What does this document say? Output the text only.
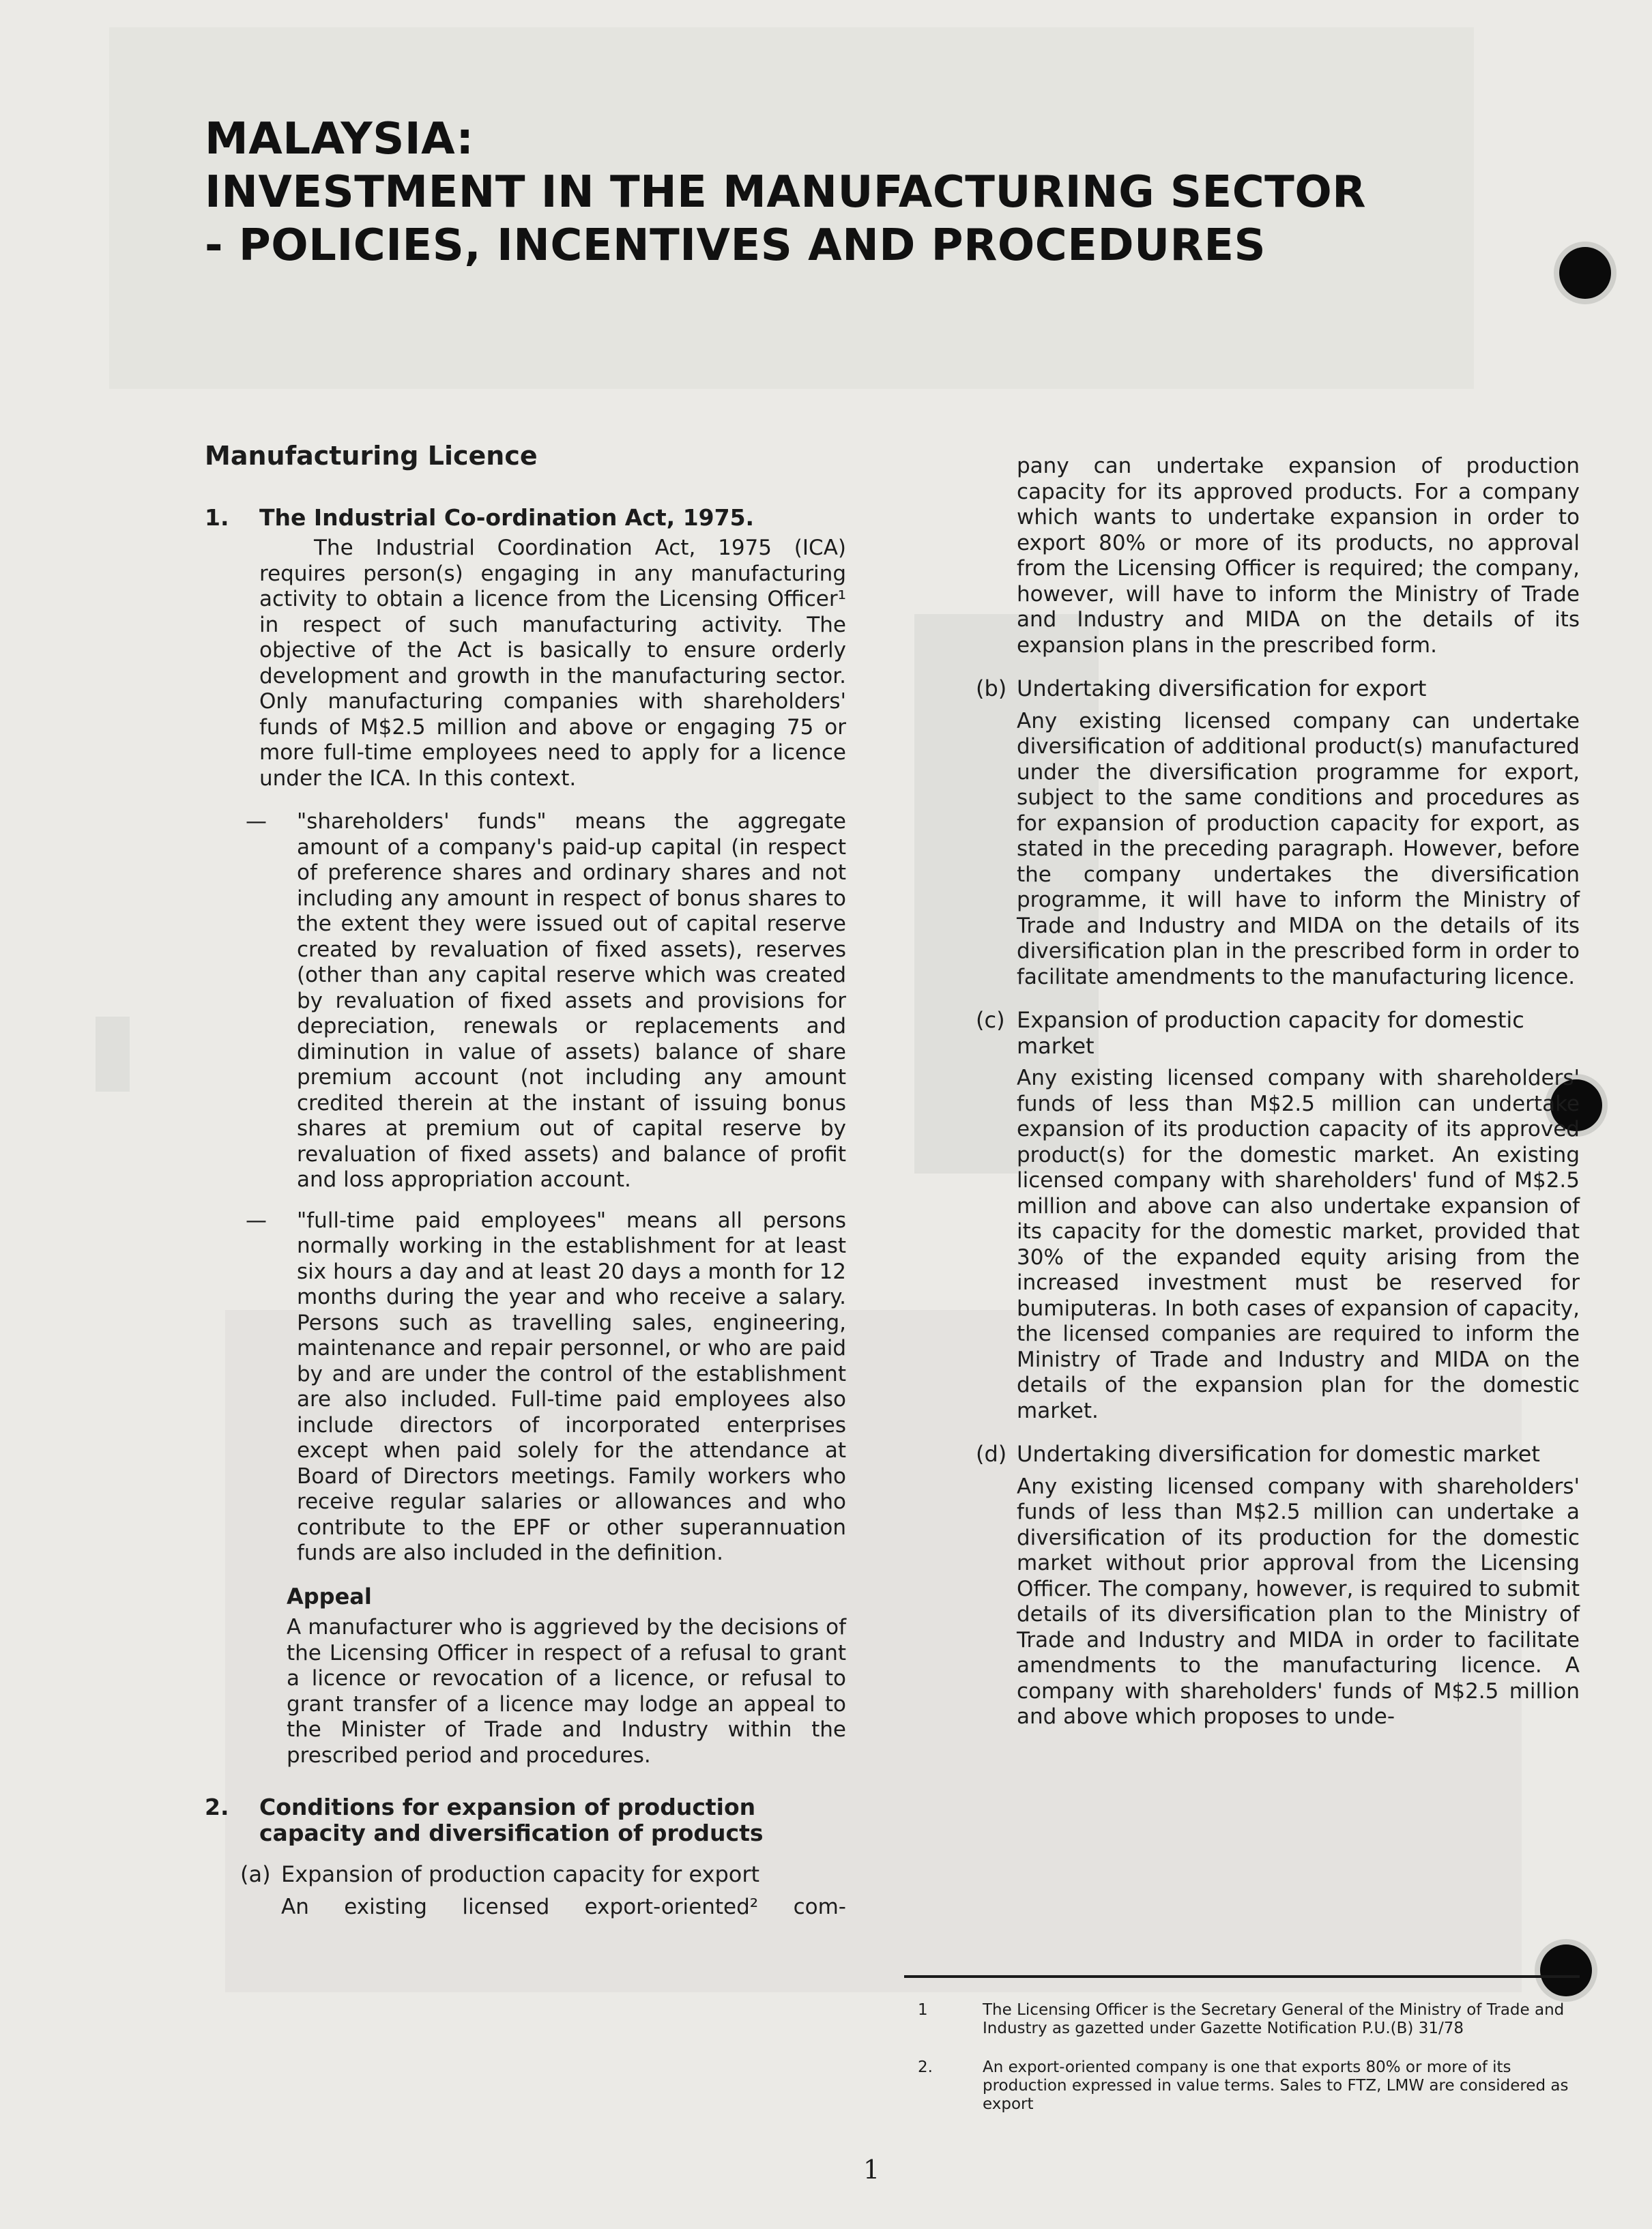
MALAYSIA:
INVESTMENT IN THE MANUFACTURING SECTOR
- POLICIES, INCENTIVES AND PROCEDURES

Manufacturing Licence

1.	The Industrial Co-ordination Act, 1975.

The Industrial Coordination Act, 1975 (ICA) requires person(s) engaging in any manufacturing activity to obtain a licence from the Licensing Officer¹ in respect of such manufacturing activity. The objective of the Act is basically to ensure orderly development and growth in the manufacturing sector. Only manufacturing companies with shareholders' funds of M$2.5 million and above or engaging 75 or more full-time employees need to apply for a licence under the ICA. In this context.

—	"shareholders' funds" means the aggregate amount of a company's paid-up capital (in respect of preference shares and ordinary shares and not including any amount in respect of bonus shares to the extent they were issued out of capital reserve created by revaluation of fixed assets), reserves (other than any capital reserve which was created by revaluation of fixed assets and provisions for depreciation, renewals or replacements and diminution in value of assets) balance of share premium account (not including any amount credited therein at the instant of issuing bonus shares at premium out of capital reserve by revaluation of fixed assets) and balance of profit and loss appropriation account.

—	"full-time paid employees" means all persons normally working in the establishment for at least six hours a day and at least 20 days a month for 12 months during the year and who receive a salary. Persons such as travelling sales, engineering, maintenance and repair personnel, or who are paid by and are under the control of the establishment are also included. Full-time paid employees also include directors of incorporated enterprises except when paid solely for the attendance at Board of Directors meetings. Family workers who receive regular salaries or allowances and who contribute to the EPF or other superannuation funds are also included in the definition.

Appeal

A manufacturer who is aggrieved by the decisions of the Licensing Officer in respect of a refusal to grant a licence or revocation of a licence, or refusal to grant transfer of a licence may lodge an appeal to the Minister of Trade and Industry within the prescribed period and procedures.

2.	Conditions for expansion of production capacity and diversification of products

(a) Expansion of production capacity for export

An existing licensed export-oriented² com-

pany can undertake expansion of production capacity for its approved products. For a company which wants to undertake expansion in order to export 80% or more of its products, no approval from the Licensing Officer is required; the company, however, will have to inform the Ministry of Trade and Industry and MIDA on the details of its expansion plans in the prescribed form.

(b) Undertaking diversification for export

Any existing licensed company can undertake diversification of additional product(s) manufactured under the diversification programme for export, subject to the same conditions and procedures as for expansion of production capacity for export, as stated in the preceding paragraph. However, before the company undertakes the diversification programme, it will have to inform the Ministry of Trade and Industry and MIDA on the details of its diversification plan in the prescribed form in order to facilitate amendments to the manufacturing licence.

(c) Expansion of production capacity for domestic market

Any existing licensed company with shareholders' funds of less than M$2.5 million can undertake expansion of its production capacity of its approved product(s) for the domestic market. An existing licensed company with shareholders' fund of M$2.5 million and above can also undertake expansion of its capacity for the domestic market, provided that 30% of the expanded equity arising from the increased investment must be reserved for bumiputeras. In both cases of expansion of capacity, the licensed companies are required to inform the Ministry of Trade and Industry and MIDA on the details of the expansion plan for the domestic market.

(d) Undertaking diversification for domestic market

Any existing licensed company with shareholders' funds of less than M$2.5 million can undertake a diversification of its production for the domestic market without prior approval from the Licensing Officer. The company, however, is required to submit details of its diversification plan to the Ministry of Trade and Industry and MIDA in order to facilitate amendments to the manufacturing licence. A company with shareholders' funds of M$2.5 million and above which proposes to unde-

1	The Licensing Officer is the Secretary General of the Ministry of Trade and Industry as gazetted under Gazette Notification P.U.(B) 31/78
2.	An export-oriented company is one that exports 80% or more of its production expressed in value terms. Sales to FTZ, LMW are considered as export
1
